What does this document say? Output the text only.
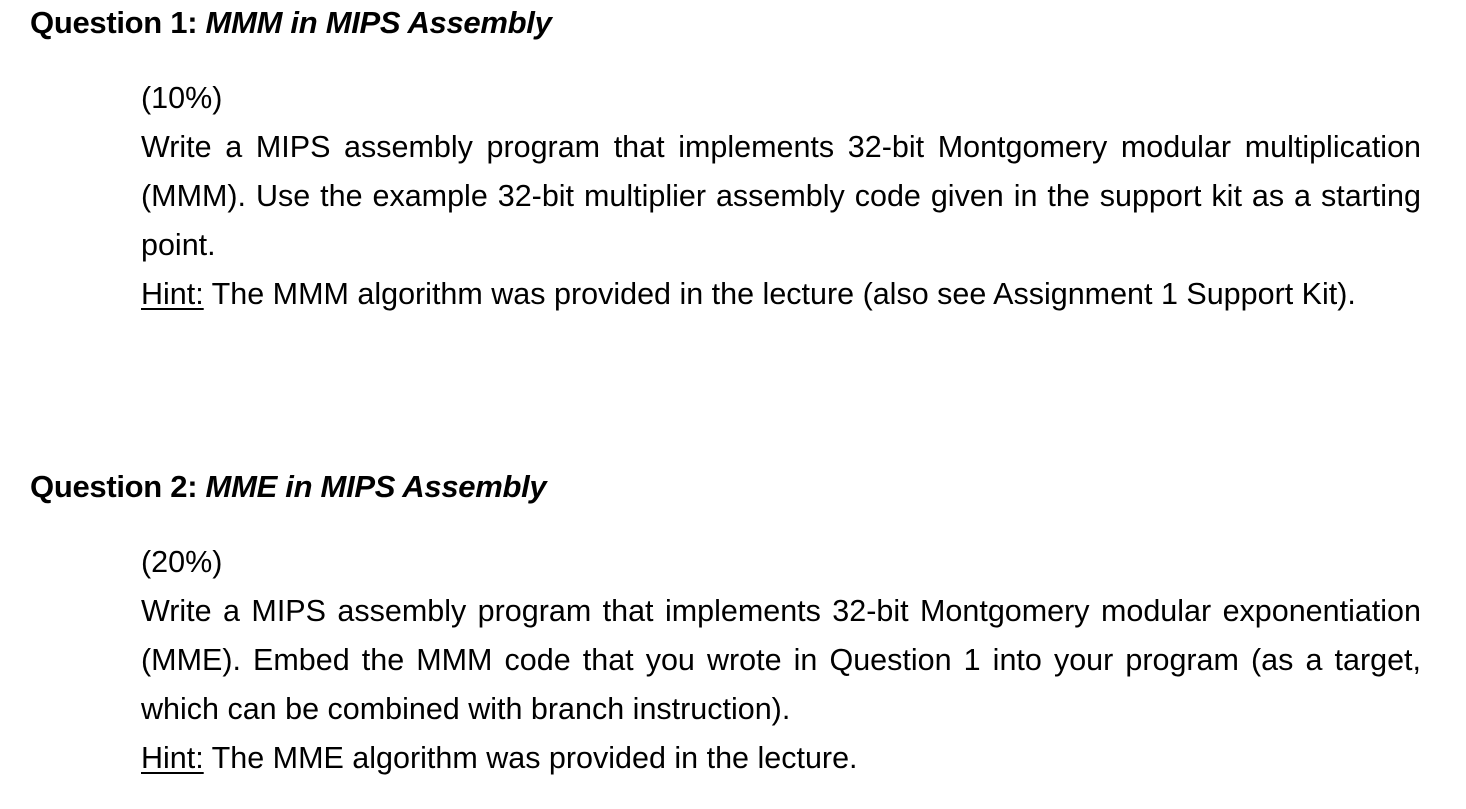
Question 1: MMM in MIPS Assembly
(10%)
Write a MIPS assembly program that implements 32-bit Montgomery modular multiplication (MMM). Use the example 32-bit multiplier assembly code given in the support kit as a starting point.
Hint: The MMM algorithm was provided in the lecture (also see Assignment 1 Support Kit).
Question 2: MME in MIPS Assembly
(20%)
Write a MIPS assembly program that implements 32-bit Montgomery modular exponentiation (MME). Embed the MMM code that you wrote in Question 1 into your program (as a target, which can be combined with branch instruction).
Hint: The MME algorithm was provided in the lecture.
